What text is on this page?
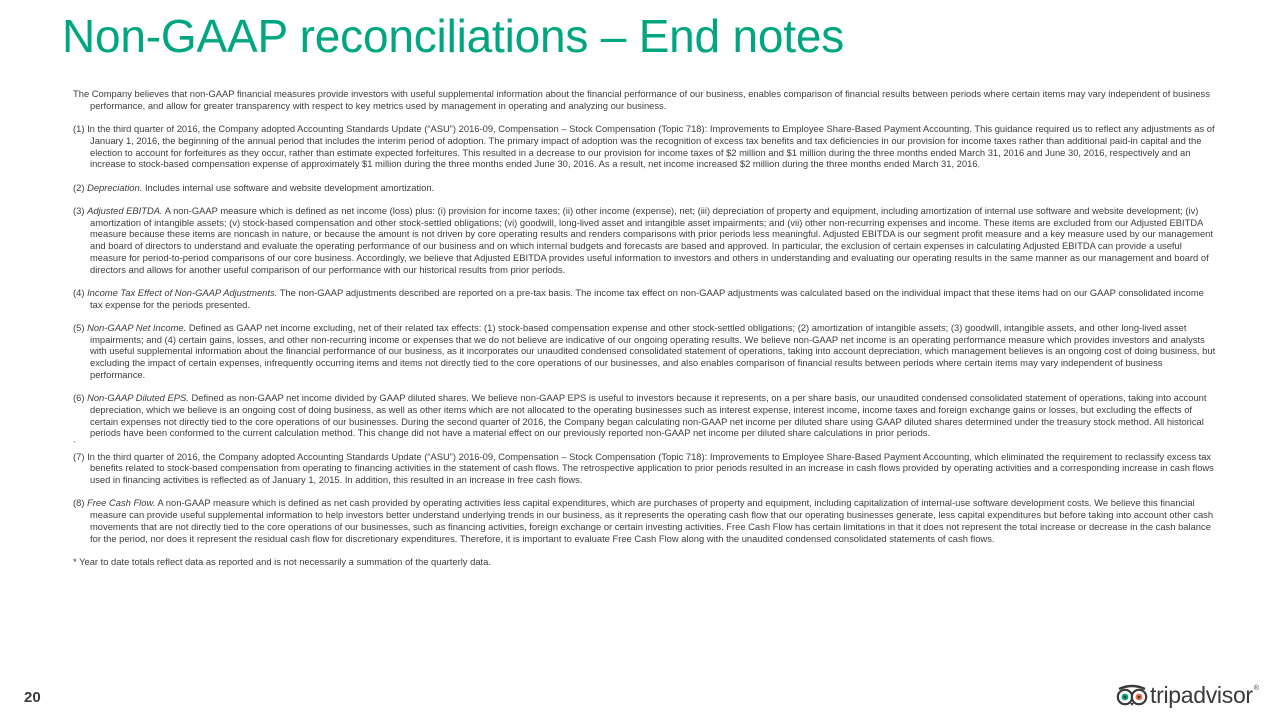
Non-GAAP reconciliations – End notes

The Company believes that non-GAAP financial measures provide investors with useful supplemental information about the financial performance of our business, enables comparison of financial results between periods where certain items may vary independent of business performance, and allow for greater transparency with respect to key metrics used by management in operating and analyzing our business.

(1) In the third quarter of 2016, the Company adopted Accounting Standards Update (“ASU”) 2016-09, Compensation – Stock Compensation (Topic 718): Improvements to Employee Share-Based Payment Accounting. This guidance required us to reflect any adjustments as of January 1, 2016, the beginning of the annual period that includes the interim period of adoption. The primary impact of adoption was the recognition of excess tax benefits and tax deficiencies in our provision for income taxes rather than additional paid-in capital and the election to account for forfeitures as they occur, rather than estimate expected forfeitures. This resulted in a decrease to our provision for income taxes of $2 million and $1 million during the three months ended March 31, 2016 and June 30, 2016, respectively and an increase to stock-based compensation expense of approximately $1 million during the three months ended June 30, 2016. As a result, net income increased $2 million during the three months ended March 31, 2016.

(2) Depreciation. Includes internal use software and website development amortization.

(3) Adjusted EBITDA. A non-GAAP measure which is defined as net income (loss) plus: (i) provision for income taxes; (ii) other income (expense), net; (iii) depreciation of property and equipment, including amortization of internal use software and website development; (iv) amortization of intangible assets; (v) stock-based compensation and other stock-settled obligations; (vi) goodwill, long-lived asset and intangible asset impairments; and (vii) other non-recurring expenses and income. These items are excluded from our Adjusted EBITDA measure because these items are noncash in nature, or because the amount is not driven by core operating results and renders comparisons with prior periods less meaningful. Adjusted EBITDA is our segment profit measure and a key measure used by our management and board of directors to understand and evaluate the operating performance of our business and on which internal budgets and forecasts are based and approved. In particular, the exclusion of certain expenses in calculating Adjusted EBITDA can provide a useful measure for period-to-period comparisons of our core business. Accordingly, we believe that Adjusted EBITDA provides useful information to investors and others in understanding and evaluating our operating results in the same manner as our management and board of directors and allows for another useful comparison of our performance with our historical results from prior periods.

(4) Income Tax Effect of Non-GAAP Adjustments. The non-GAAP adjustments described are reported on a pre-tax basis. The income tax effect on non-GAAP adjustments was calculated based on the individual impact that these items had on our GAAP consolidated income tax expense for the periods presented.

(5) Non-GAAP Net Income. Defined as GAAP net income excluding, net of their related tax effects: (1) stock-based compensation expense and other stock-settled obligations; (2) amortization of intangible assets; (3) goodwill, intangible assets, and other long-lived asset impairments; and (4) certain gains, losses, and other non-recurring income or expenses that we do not believe are indicative of our ongoing operating results. We believe non-GAAP net income is an operating performance measure which provides investors and analysts with useful supplemental information about the financial performance of our business, as it incorporates our unaudited condensed consolidated statement of operations, taking into account depreciation, which management believes is an ongoing cost of doing business, but excluding the impact of certain expenses, infrequently occurring items and items not directly tied to the core operations of our businesses, and also enables comparison of financial results between periods where certain items may vary independent of business performance.

(6) Non-GAAP Diluted EPS. Defined as non-GAAP net income divided by GAAP diluted shares. We believe non-GAAP EPS is useful to investors because it represents, on a per share basis, our unaudited condensed consolidated statement of operations, taking into account depreciation, which we believe is an ongoing cost of doing business, as well as other items which are not allocated to the operating businesses such as interest expense, interest income, income taxes and foreign exchange gains or losses, but excluding the effects of certain expenses not directly tied to the core operations of our businesses. During the second quarter of 2016, the Company began calculating non-GAAP net income per diluted share using GAAP diluted shares determined under the treasury stock method. All historical periods have been conformed to the current calculation method. This change did not have a material effect on our previously reported non-GAAP net income per diluted share calculations in prior periods.

`

(7) In the third quarter of 2016, the Company adopted Accounting Standards Update (“ASU”) 2016-09, Compensation – Stock Compensation (Topic 718): Improvements to Employee Share-Based Payment Accounting, which eliminated the requirement to reclassify excess tax benefits related to stock-based compensation from operating to financing activities in the statement of cash flows. The retrospective application to prior periods resulted in an increase in cash flows provided by operating activities and a corresponding increase in cash flows used in financing activities is reflected as of January 1, 2015. In addition, this resulted in an increase in free cash flows.

(8) Free Cash Flow. A non-GAAP measure which is defined as net cash provided by operating activities less capital expenditures, which are purchases of property and equipment, including capitalization of internal-use software development costs. We believe this financial measure can provide useful supplemental information to help investors better understand underlying trends in our business, as it represents the operating cash flow that our operating businesses generate, less capital expenditures but before taking into account other cash movements that are not directly tied to the core operations of our businesses, such as financing activities, foreign exchange or certain investing activities. Free Cash Flow has certain limitations in that it does not represent the total increase or decrease in the cash balance for the period, nor does it represent the residual cash flow for discretionary expenditures. Therefore, it is important to evaluate Free Cash Flow along with the unaudited condensed consolidated statements of cash flows.

* Year to date totals reflect data as reported and is not necessarily a summation of the quarterly data.

20	tripadvisor ®
